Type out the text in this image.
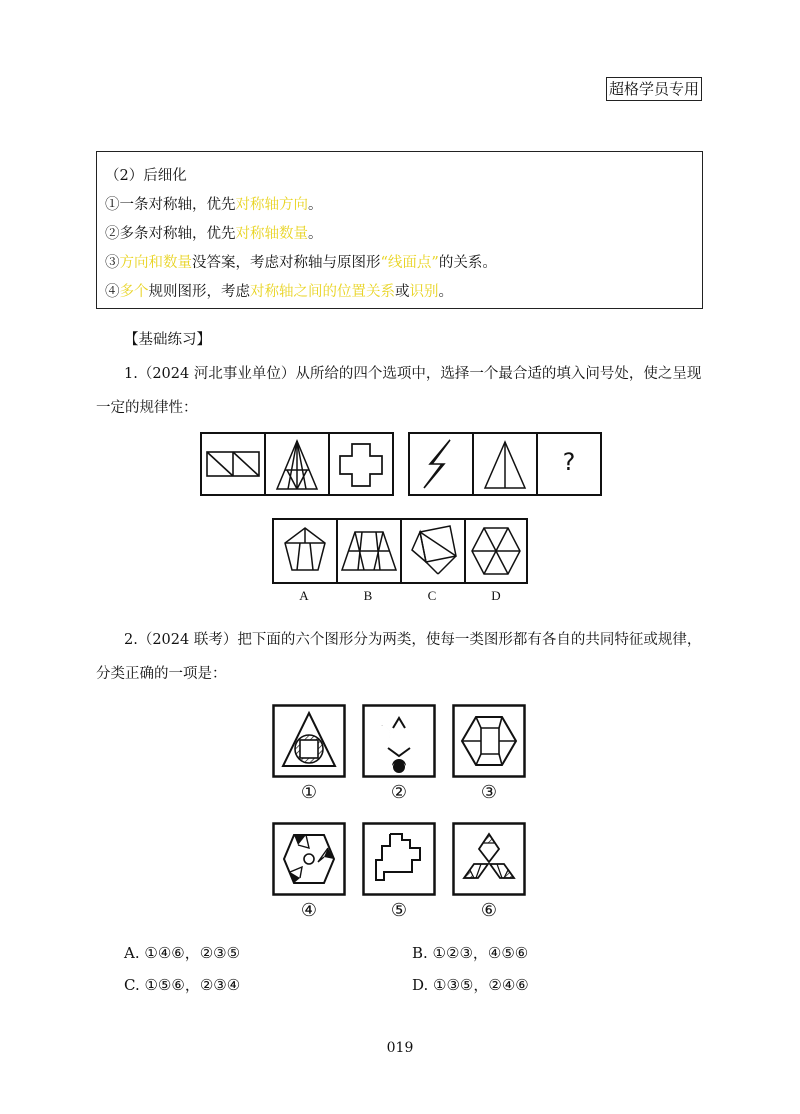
超格学员专用
（2）后细化
①一条对称轴，优先对称轴方向。
②多条对称轴，优先对称轴数量。
③方向和数量没答案，考虑对称轴与原图形“线面点”的关系。
④多个规则图形，考虑对称轴之间的位置关系或识别。
【基础练习】
1.（2024 河北事业单位）从所给的四个选项中，选择一个最合适的填入问号处，使之呈现
一定的规律性：
?
A	B	C	D
2.（2024 联考）把下面的六个图形分为两类，使每一类图形都有各自的共同特征或规律，
分类正确的一项是：
①	②	③
④	⑤	⑥
A. ①④⑥，②③⑤	B. ①②③，④⑤⑥
C. ①⑤⑥，②③④	D. ①③⑤，②④⑥
019
